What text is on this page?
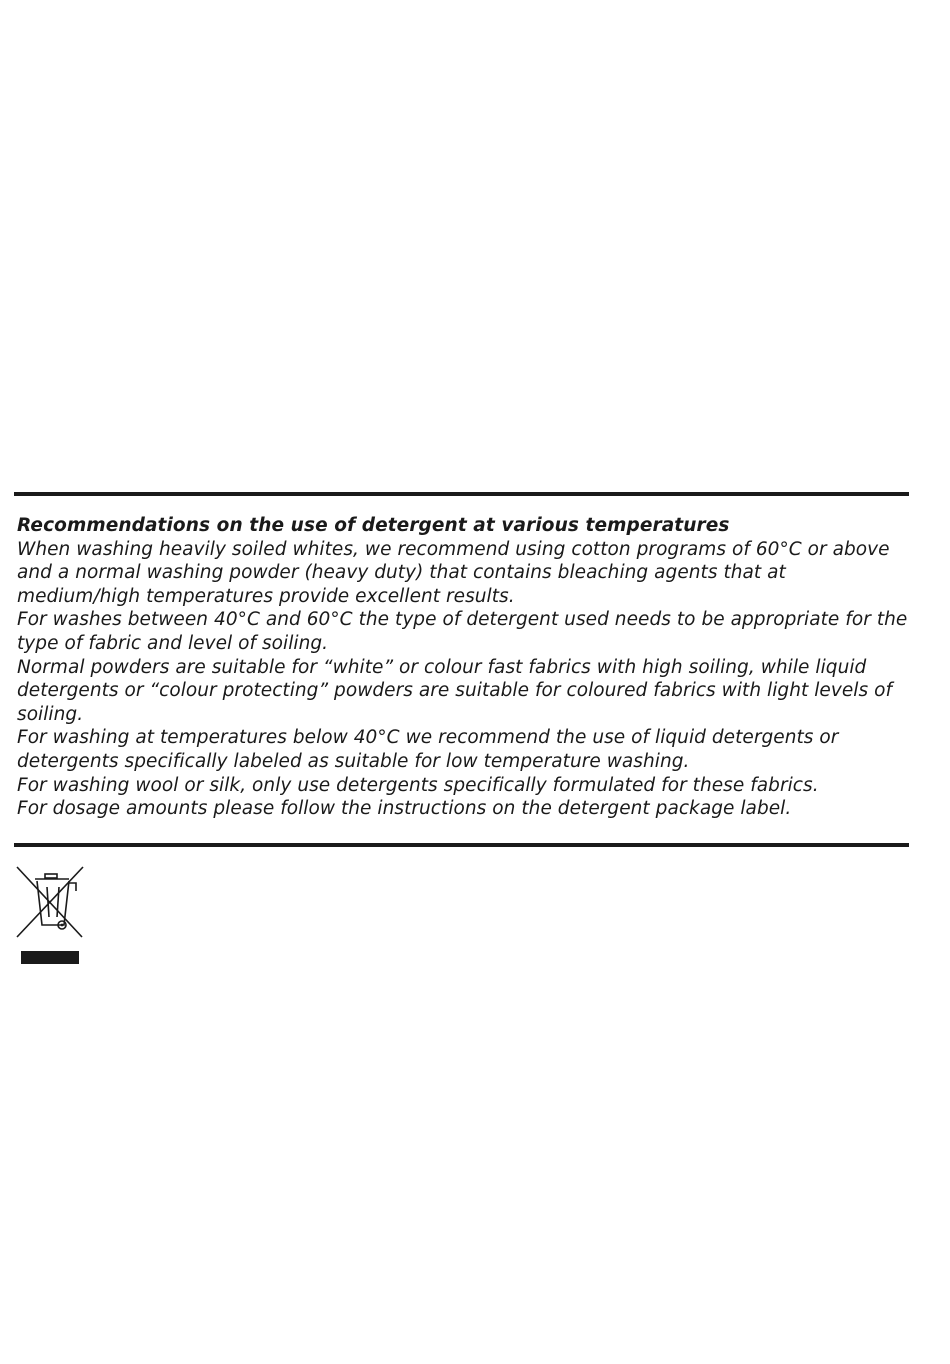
Recommendations on the use of detergent at various temperatures

When washing heavily soiled whites, we recommend using cotton programs of 60°C or above and a normal washing powder (heavy duty) that contains bleaching agents that at medium/high temperatures provide excellent results.

For washes between 40°C and 60°C the type of detergent used needs to be appropriate for the type of fabric and level of soiling.

Normal powders are suitable for “white” or colour fast fabrics with high soiling, while liquid detergents or “colour protecting” powders are suitable for coloured fabrics with light levels of soiling.

For washing at temperatures below 40°C we recommend the use of liquid detergents or detergents specifically labeled as suitable for low temperature washing.

For washing wool or silk, only use detergents specifically formulated for these fabrics.

For dosage amounts please follow the instructions on the detergent package label.
